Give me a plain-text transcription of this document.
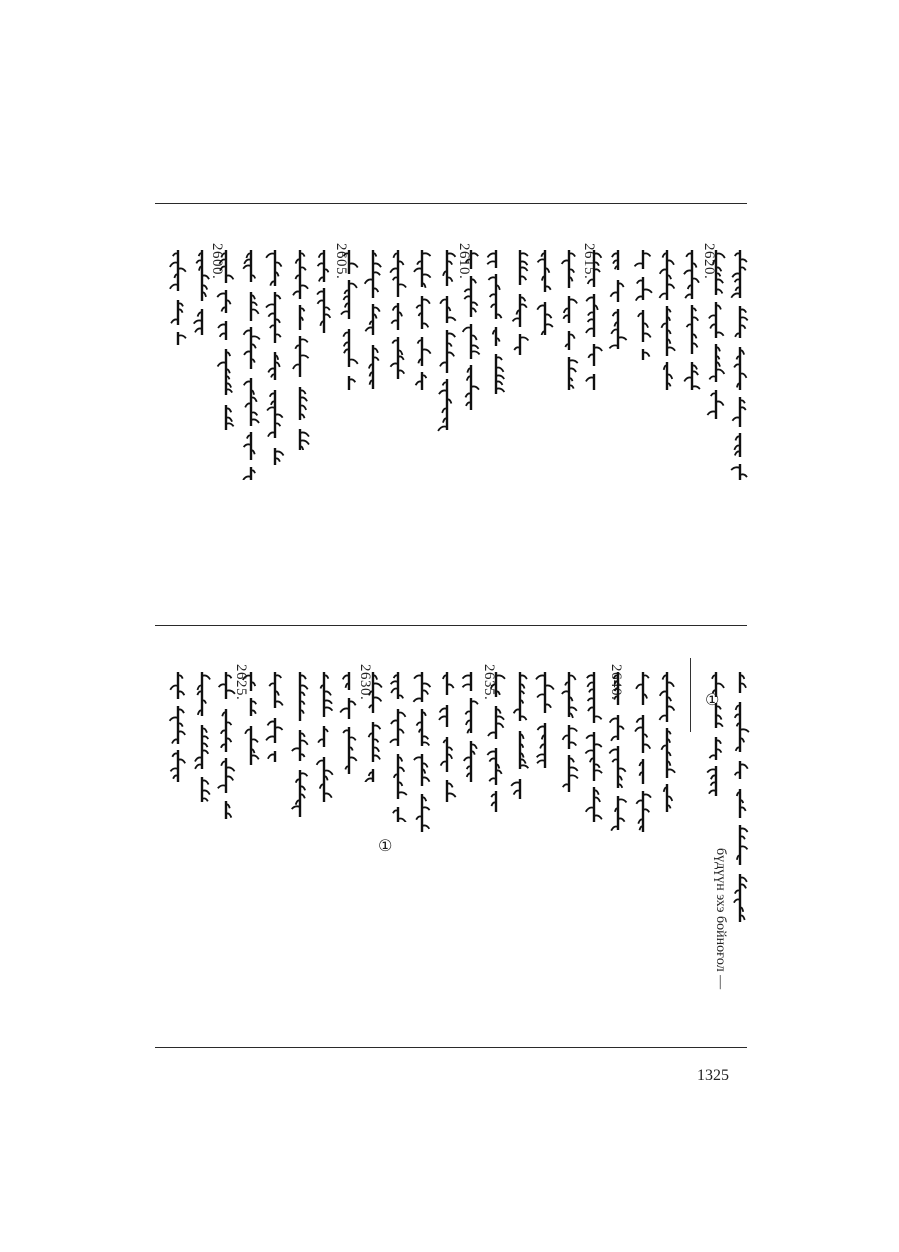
2620.
2615.
2610.
2605.
2600.
2640.
2635.
2630.
2625.
①
①
бүдүүн эхэ бойноғол —
1325
